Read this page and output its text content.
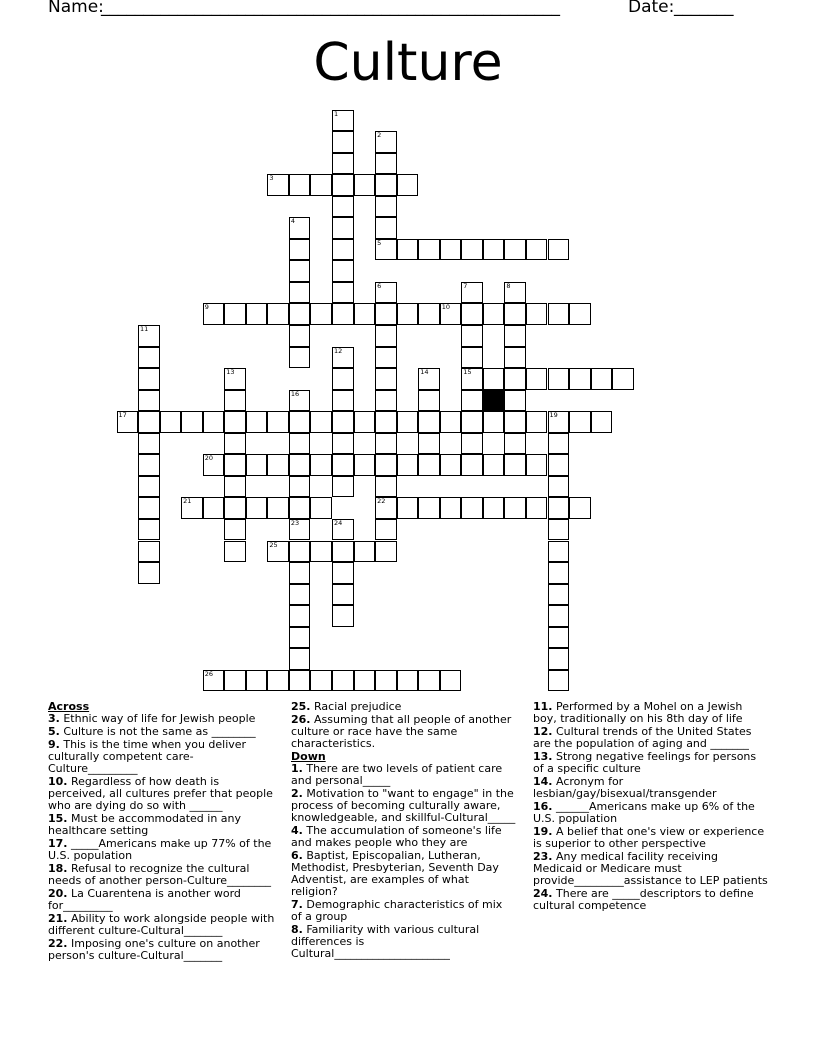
Name:
______________________________________________________	Date: _______
Culture
3
5
9	10
15
17	19
20
21	22
25
26
1
2
4
6	7	8
11
12
13	14
16
23	24

Across

3. Ethnic way of life for Jewish people

5. Culture is not the same as ________

9. This is the time when you deliver culturally competent care-Culture_________

10. Regardless of how death is perceived, all cultures prefer that people who are dying do so with ______

15. Must be accommodated in any healthcare setting

17. _____Americans make up 77% of the U.S. population

18. Refusal to recognize the cultural needs of another person-Culture________

20. La Cuarentena is another word for_________

21. Ability to work alongside people with different culture-Cultural_______

22. Imposing one's culture on another person's culture-Cultural_______

25. Racial prejudice

26. Assuming that all people of another culture or race have the same characteristics.

Down

1. There are two levels of patient care and personal_____

2. Motivation to "want to engage" in the process of becoming culturally aware, knowledgeable, and skillful-Cultural_____

4. The accumulation of someone's life and makes people who they are

6. Baptist, Episcopalian, Lutheran, Methodist, Presbyterian, Seventh Day Adventist, are examples of what religion?

7. Demographic characteristics of mix of a group

8. Familiarity with various cultural differences is Cultural_____________________

11. Performed by a Mohel on a Jewish boy, traditionally on his 8th day of life

12. Cultural trends of the United States are the population of aging and _______

13. Strong negative feelings for persons of a specific culture

14. Acronym for lesbian/gay/bisexual/transgender

16. ______Americans make up 6% of the U.S. population

19. A belief that one's view or experience is superior to other perspective

23. Any medical facility receiving Medicaid or Medicare must provide_________assistance to LEP patients

24. There are _____descriptors to define cultural competence
